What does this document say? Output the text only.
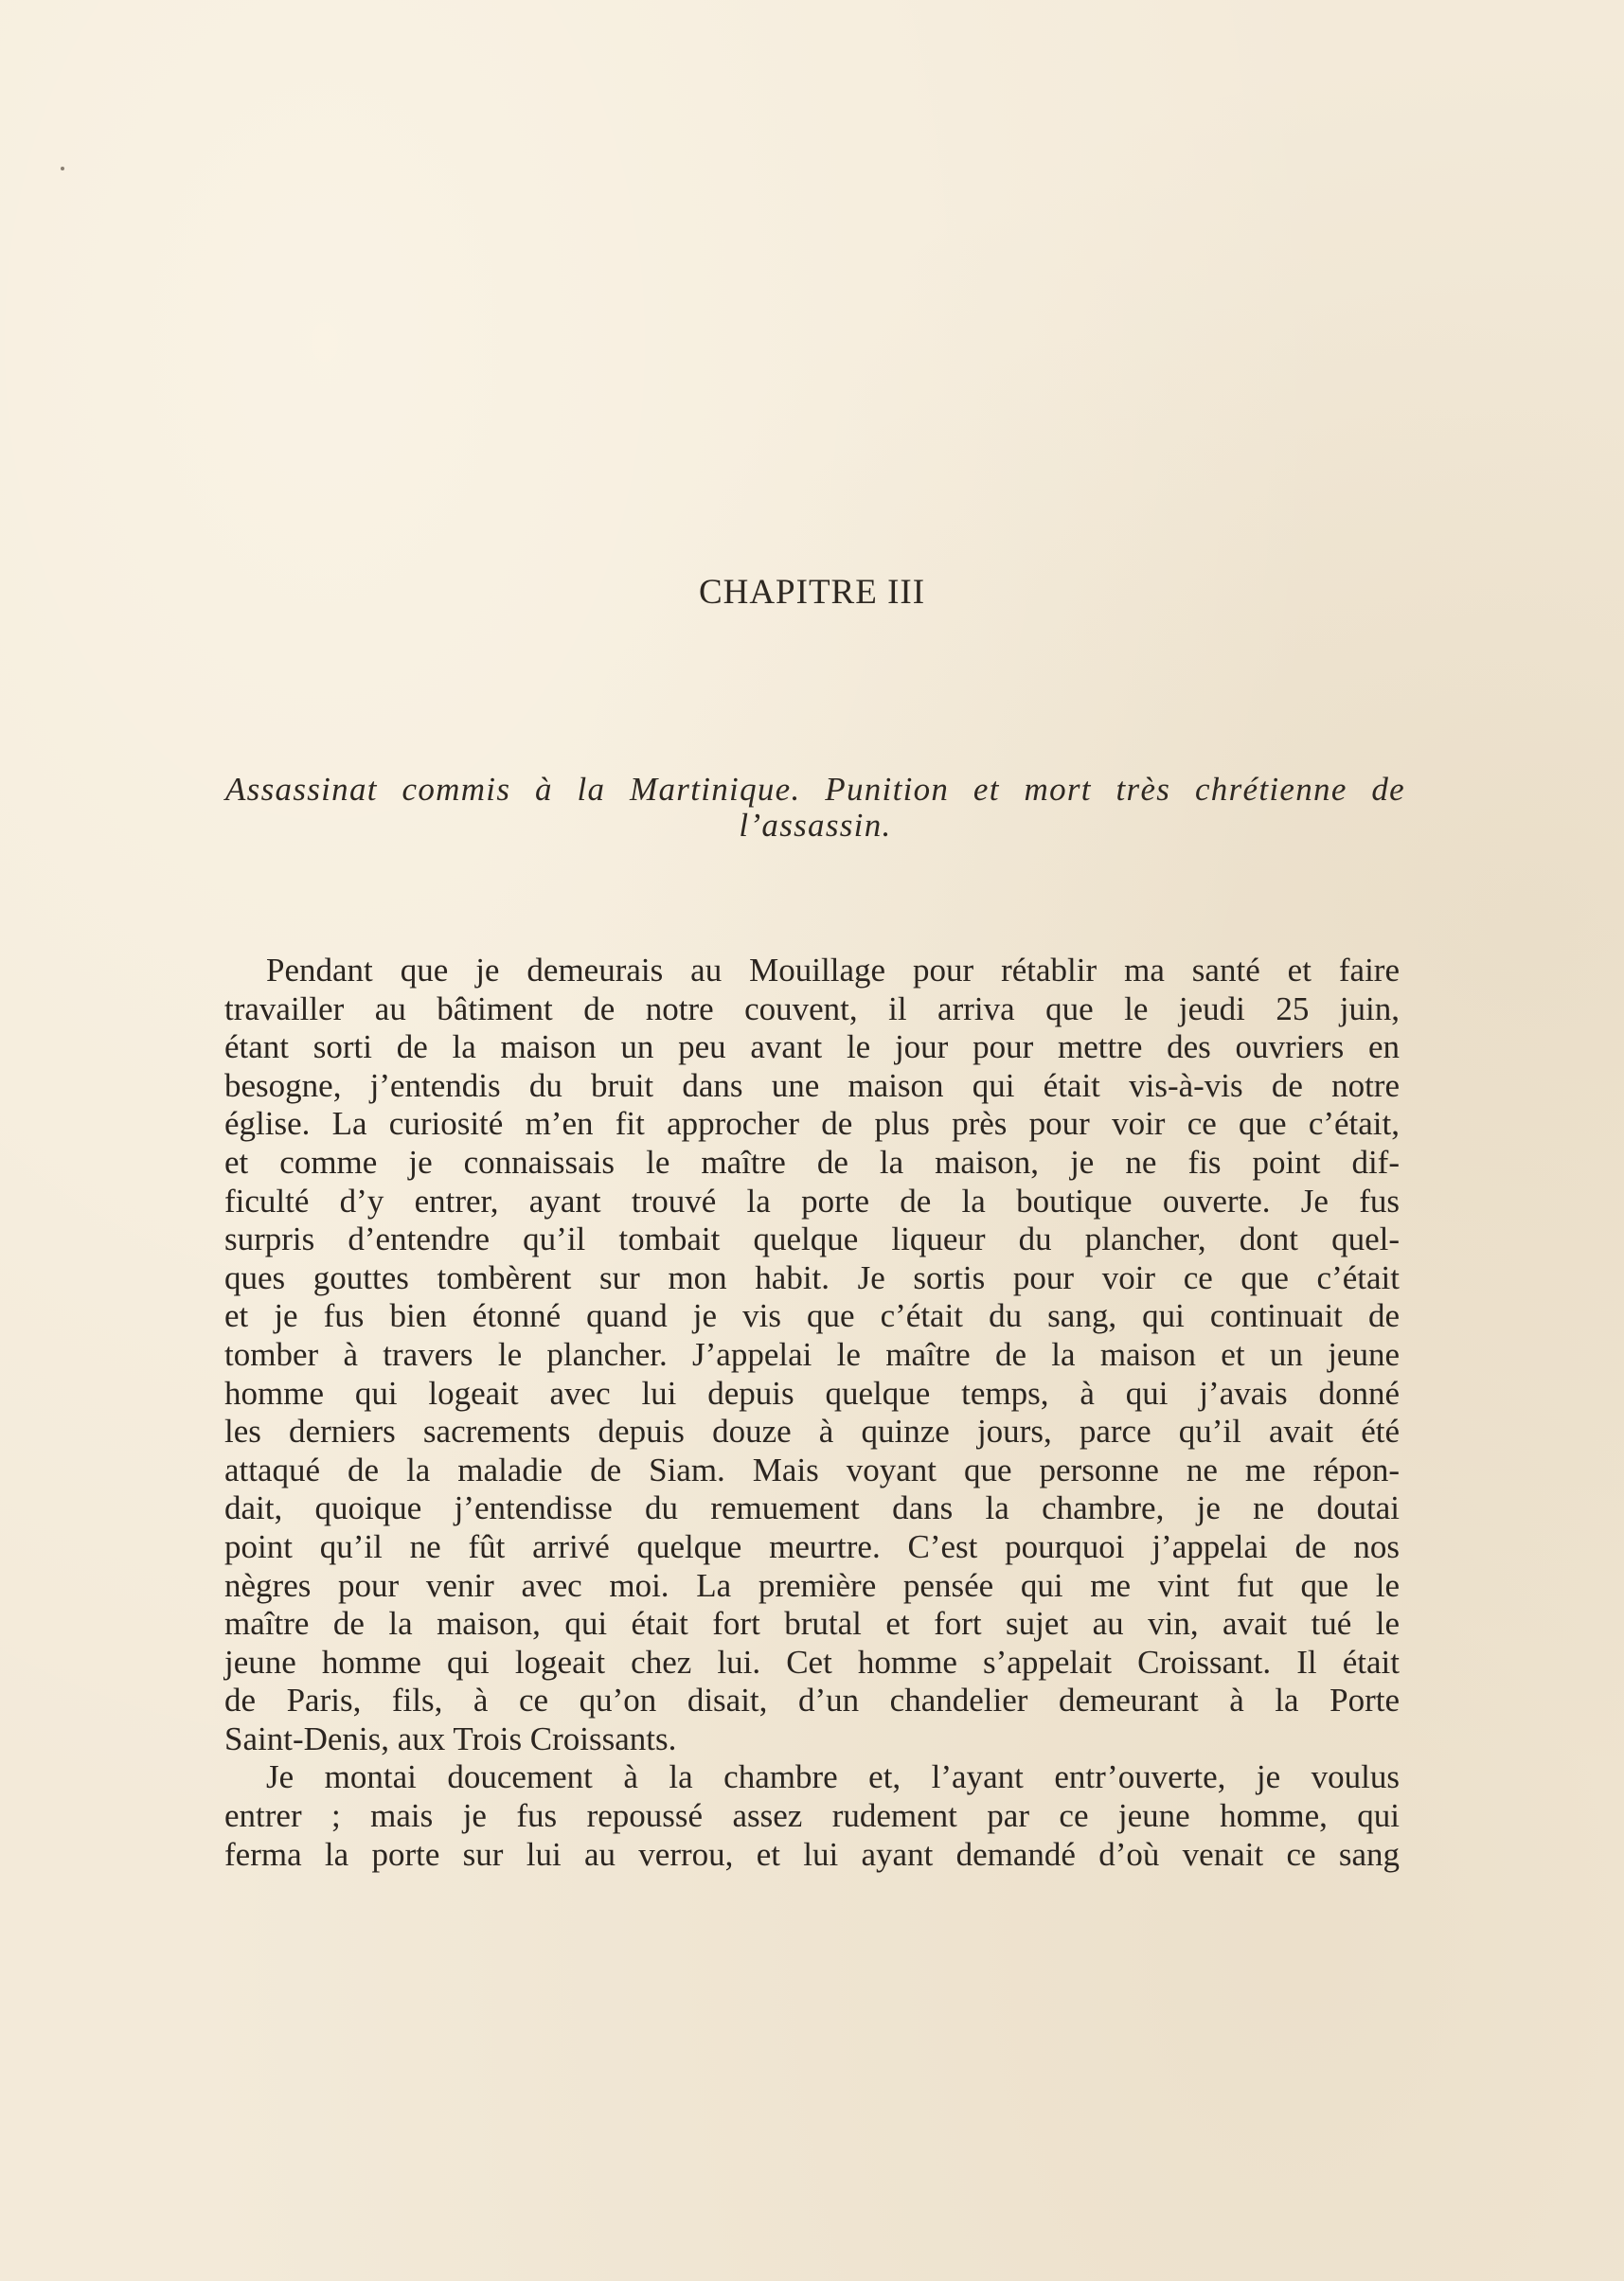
CHAPITRE III
Assassinat commis à la Martinique. Punition et mort très chrétienne de
l’assassin.
Pendant que je demeurais au Mouillage pour rétablir ma santé et faire
travailler au bâtiment de notre couvent, il arriva que le jeudi 25 juin,
étant sorti de la maison un peu avant le jour pour mettre des ouvriers en
besogne, j’entendis du bruit dans une maison qui était vis-à-vis de notre
église. La curiosité m’en fit approcher de plus près pour voir ce que c’était,
et comme je connaissais le maître de la maison, je ne fis point dif-
ficulté d’y entrer, ayant trouvé la porte de la boutique ouverte. Je fus
surpris d’entendre qu’il tombait quelque liqueur du plancher, dont quel-
ques gouttes tombèrent sur mon habit. Je sortis pour voir ce que c’était
et je fus bien étonné quand je vis que c’était du sang, qui continuait de
tomber à travers le plancher. J’appelai le maître de la maison et un jeune
homme qui logeait avec lui depuis quelque temps, à qui j’avais donné
les derniers sacrements depuis douze à quinze jours, parce qu’il avait été
attaqué de la maladie de Siam. Mais voyant que personne ne me répon-
dait, quoique j’entendisse du remuement dans la chambre, je ne doutai
point qu’il ne fût arrivé quelque meurtre. C’est pourquoi j’appelai de nos
nègres pour venir avec moi. La première pensée qui me vint fut que le
maître de la maison, qui était fort brutal et fort sujet au vin, avait tué le
jeune homme qui logeait chez lui. Cet homme s’appelait Croissant. Il était
de Paris, fils, à ce qu’on disait, d’un chandelier demeurant à la Porte
Saint-Denis, aux Trois Croissants.
Je montai doucement à la chambre et, l’ayant entr’ouverte, je voulus
entrer ; mais je fus repoussé assez rudement par ce jeune homme, qui
ferma la porte sur lui au verrou, et lui ayant demandé d’où venait ce sang
